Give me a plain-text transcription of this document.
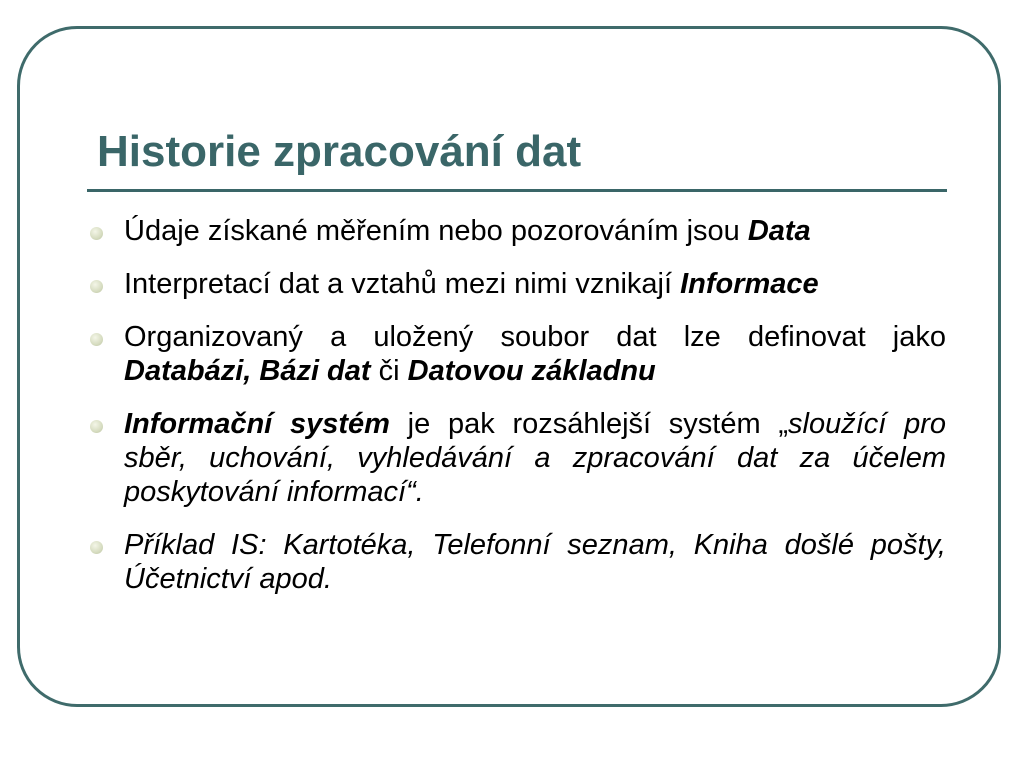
Historie zpracování dat
Údaje získané měřením nebo pozorováním jsou Data
Interpretací dat a vztahů mezi nimi vznikají Informace
Organizovaný a uložený soubor dat lze definovat jako Databázi, Bázi dat či Datovou základnu
Informační systém je pak rozsáhlejší systém „sloužící pro sběr, uchování, vyhledávání a zpracování dat za účelem poskytování informací“.
Příklad IS: Kartotéka, Telefonní seznam, Kniha došlé pošty, Účetnictví apod.
